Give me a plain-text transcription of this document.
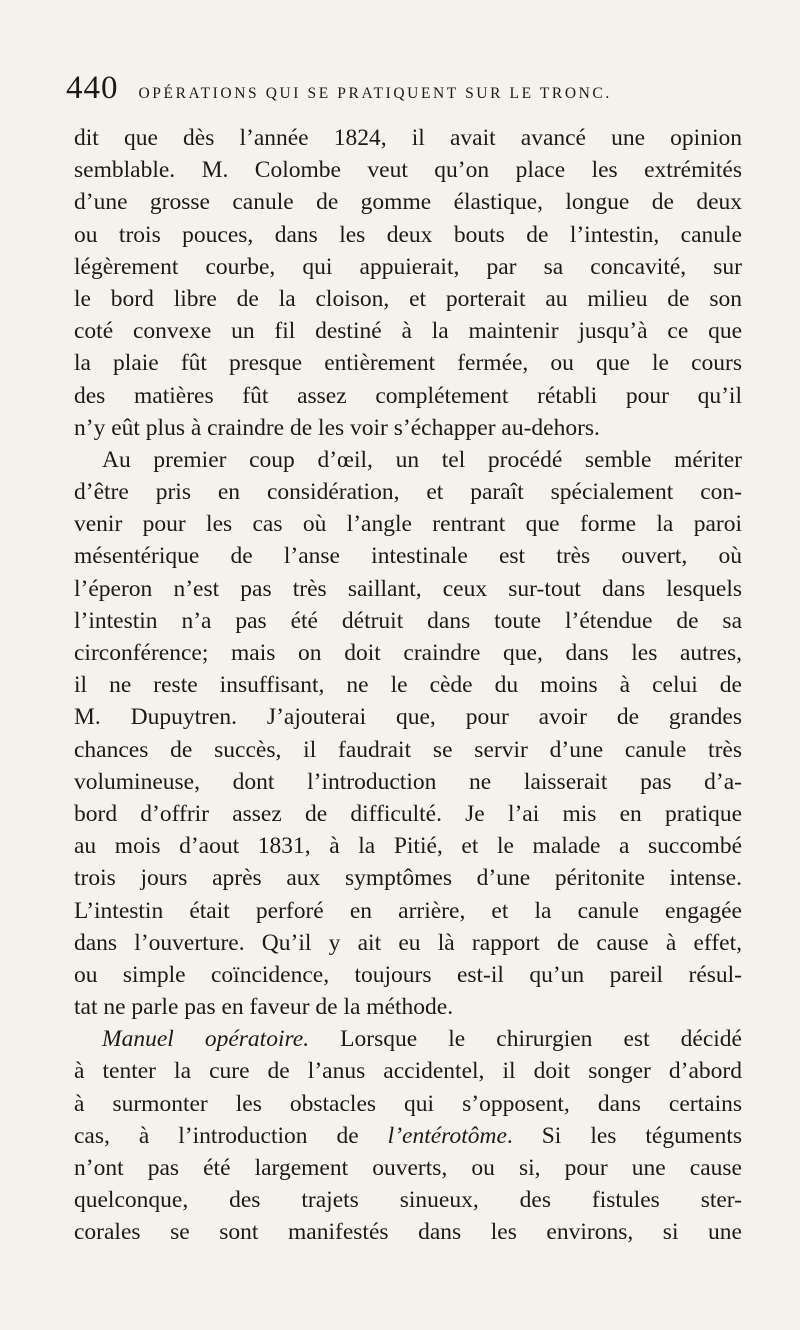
440 OPÉRATIONS QUI SE PRATIQUENT SUR LE TRONC.
dit que dès l’année 1824, il avait avancé une opinion
semblable. M. Colombe veut qu’on place les extrémités
d’une grosse canule de gomme élastique, longue de deux
ou trois pouces, dans les deux bouts de l’intestin, canule
légèrement courbe, qui appuierait, par sa concavité, sur
le bord libre de la cloison, et porterait au milieu de son
coté convexe un fil destiné à la maintenir jusqu’à ce que
la plaie fût presque entièrement fermée, ou que le cours
des matières fût assez complétement rétabli pour qu’il
n’y eût plus à craindre de les voir s’échapper au-dehors.
Au premier coup d’œil, un tel procédé semble mériter
d’être pris en considération, et paraît spécialement con-
venir pour les cas où l’angle rentrant que forme la paroi
mésentérique de l’anse intestinale est très ouvert, où
l’éperon n’est pas très saillant, ceux sur-tout dans lesquels
l’intestin n’a pas été détruit dans toute l’étendue de sa
circonférence; mais on doit craindre que, dans les autres,
il ne reste insuffisant, ne le cède du moins à celui de
M. Dupuytren. J’ajouterai que, pour avoir de grandes
chances de succès, il faudrait se servir d’une canule très
volumineuse, dont l’introduction ne laisserait pas d’a-
bord d’offrir assez de difficulté. Je l’ai mis en pratique
au mois d’aout 1831, à la Pitié, et le malade a succombé
trois jours après aux symptômes d’une péritonite intense.
L’intestin était perforé en arrière, et la canule engagée
dans l’ouverture. Qu’il y ait eu là rapport de cause à effet,
ou simple coïncidence, toujours est-il qu’un pareil résul-
tat ne parle pas en faveur de la méthode.
Manuel opératoire. Lorsque le chirurgien est décidé
à tenter la cure de l’anus accidentel, il doit songer d’abord
à surmonter les obstacles qui s’opposent, dans certains
cas, à l’introduction de l’entérotôme. Si les téguments
n’ont pas été largement ouverts, ou si, pour une cause
quelconque, des trajets sinueux, des fistules ster-
corales se sont manifestés dans les environs, si une
